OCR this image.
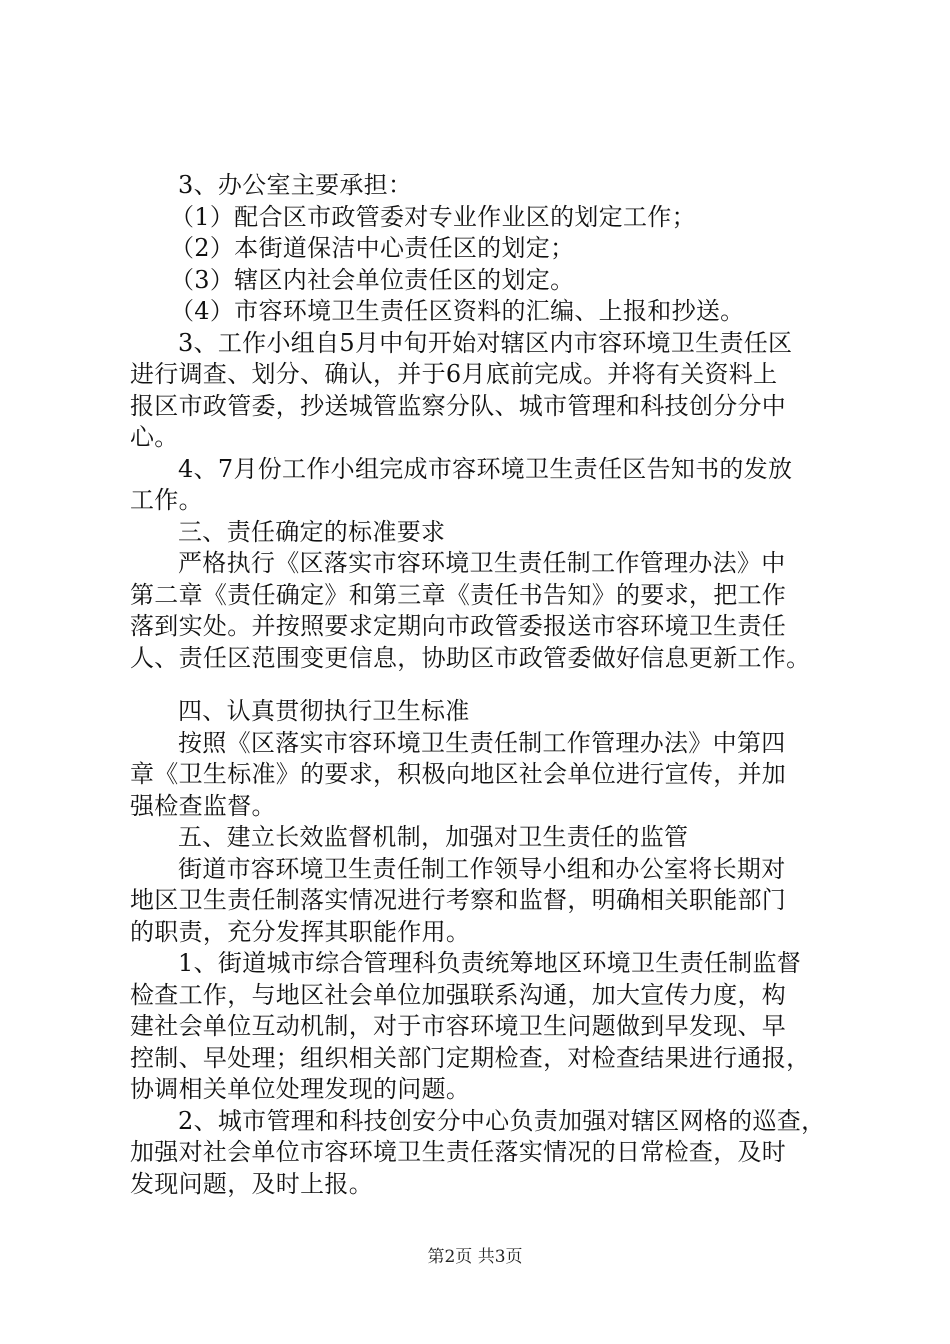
3、办公室主要承担：
（1）配合区市政管委对专业作业区的划定工作；
（2）本街道保洁中心责任区的划定；
（3）辖区内社会单位责任区的划定。
（4）市容环境卫生责任区资料的汇编、上报和抄送。
3、工作小组自5月中旬开始对辖区内市容环境卫生责任区
进行调查、划分、确认，并于6月底前完成。并将有关资料上
报区市政管委，抄送城管监察分队、城市管理和科技创分分中
心。
4、7月份工作小组完成市容环境卫生责任区告知书的发放
工作。
三、责任确定的标准要求
严格执行《区落实市容环境卫生责任制工作管理办法》中
第二章《责任确定》和第三章《责任书告知》的要求，把工作
落到实处。并按照要求定期向市政管委报送市容环境卫生责任
人、责任区范围变更信息，协助区市政管委做好信息更新工作。
四、认真贯彻执行卫生标准
按照《区落实市容环境卫生责任制工作管理办法》中第四
章《卫生标准》的要求，积极向地区社会单位进行宣传，并加
强检查监督。
五、建立长效监督机制，加强对卫生责任的监管
街道市容环境卫生责任制工作领导小组和办公室将长期对
地区卫生责任制落实情况进行考察和监督，明确相关职能部门
的职责，充分发挥其职能作用。
1、街道城市综合管理科负责统筹地区环境卫生责任制监督
检查工作，与地区社会单位加强联系沟通，加大宣传力度，构
建社会单位互动机制，对于市容环境卫生问题做到早发现、早
控制、早处理；组织相关部门定期检查，对检查结果进行通报，
协调相关单位处理发现的问题。
2、城市管理和科技创安分中心负责加强对辖区网格的巡查，
加强对社会单位市容环境卫生责任落实情况的日常检查，及时
发现问题，及时上报。
第2页 共3页
